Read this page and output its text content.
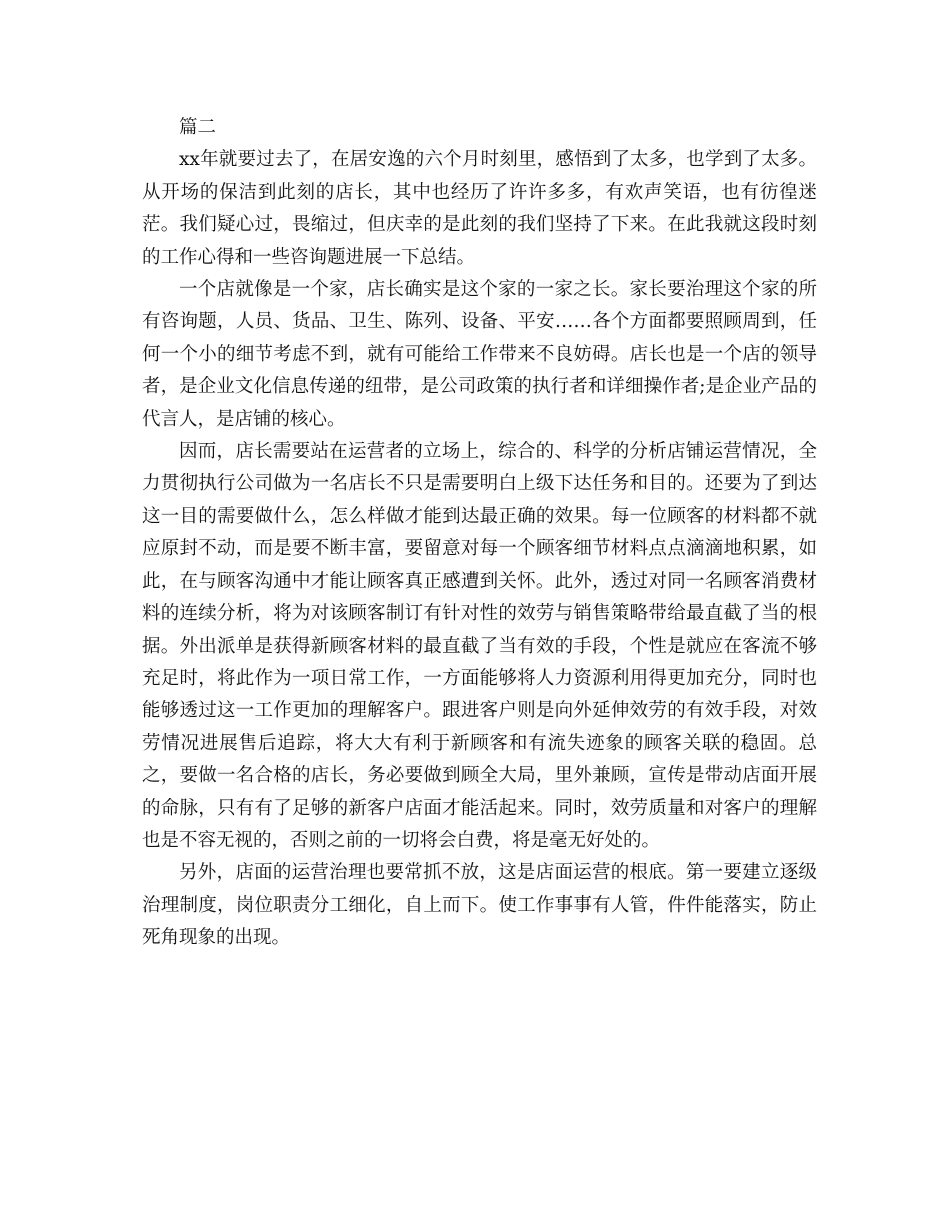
篇二

xx年就要过去了，在居安逸的六个月时刻里，感悟到了太多，也学到了太多。从开场的保洁到此刻的店长，其中也经历了许许多多，有欢声笑语，也有彷徨迷茫。我们疑心过，畏缩过，但庆幸的是此刻的我们坚持了下来。在此我就这段时刻的工作心得和一些咨询题进展一下总结。

一个店就像是一个家，店长确实是这个家的一家之长。家长要治理这个家的所有咨询题，人员、货品、卫生、陈列、设备、平安……各个方面都要照顾周到，任何一个小的细节考虑不到，就有可能给工作带来不良妨碍。店长也是一个店的领导者，是企业文化信息传递的纽带，是公司政策的执行者和详细操作者;是企业产品的代言人，是店铺的核心。

因而，店长需要站在运营者的立场上，综合的、科学的分析店铺运营情况，全力贯彻执行公司做为一名店长不只是需要明白上级下达任务和目的。还要为了到达这一目的需要做什么，怎么样做才能到达最正确的效果。每一位顾客的材料都不就应原封不动，而是要不断丰富，要留意对每一个顾客细节材料点点滴滴地积累，如此，在与顾客沟通中才能让顾客真正感遭到关怀。此外，透过对同一名顾客消费材料的连续分析，将为对该顾客制订有针对性的效劳与销售策略带给最直截了当的根据。外出派单是获得新顾客材料的最直截了当有效的手段，个性是就应在客流不够充足时，将此作为一项日常工作，一方面能够将人力资源利用得更加充分，同时也能够透过这一工作更加的理解客户。跟进客户则是向外延伸效劳的有效手段，对效劳情况进展售后追踪，将大大有利于新顾客和有流失迹象的顾客关联的稳固。总之，要做一名合格的店长，务必要做到顾全大局，里外兼顾，宣传是带动店面开展的命脉，只有有了足够的新客户店面才能活起来。同时，效劳质量和对客户的理解也是不容无视的，否则之前的一切将会白费，将是毫无好处的。

另外，店面的运营治理也要常抓不放，这是店面运营的根底。第一要建立逐级治理制度，岗位职责分工细化，自上而下。使工作事事有人管，件件能落实，防止死角现象的出现。
